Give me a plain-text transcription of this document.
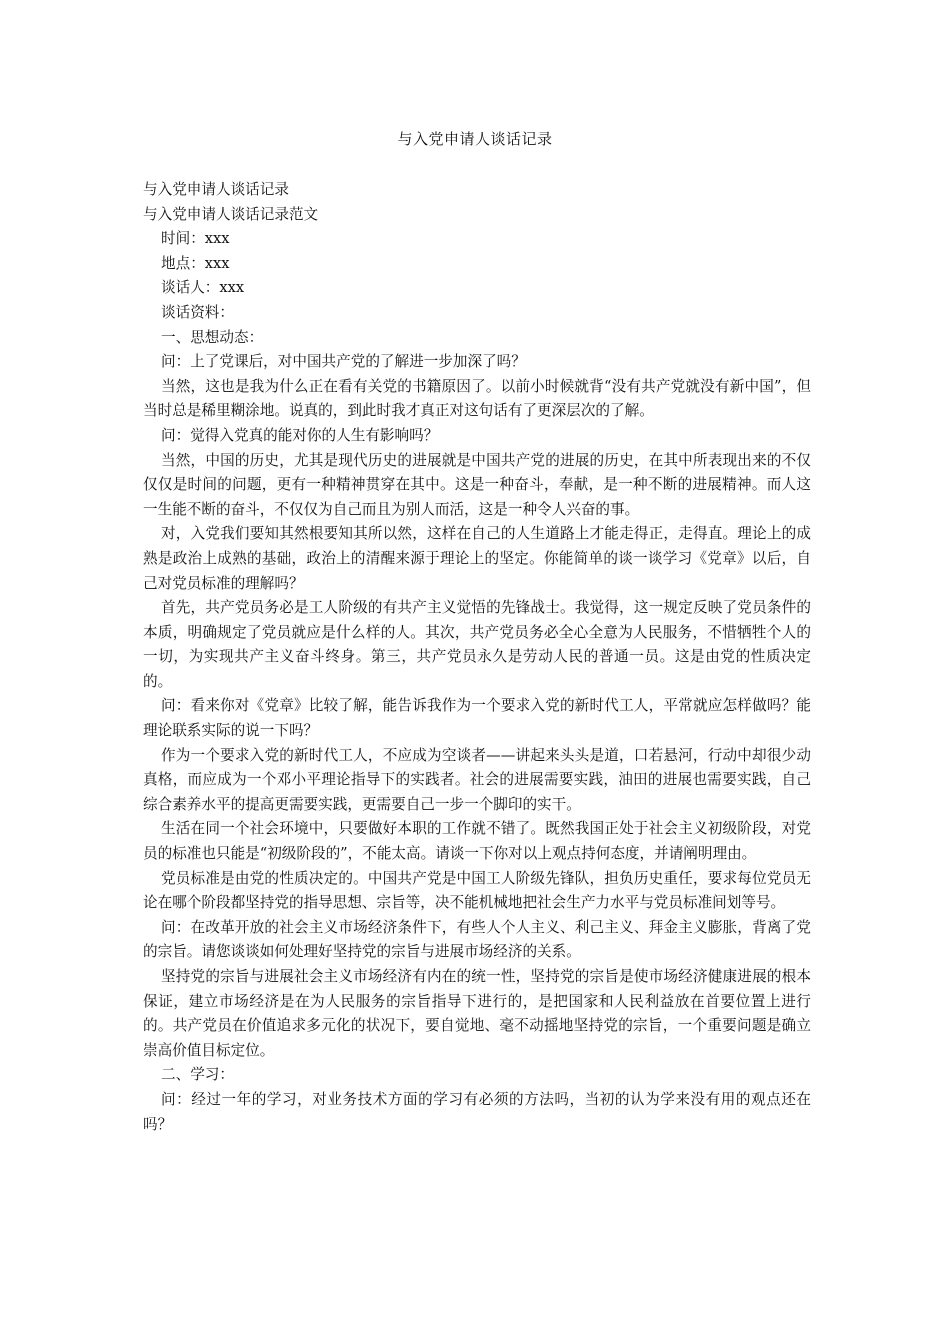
与入党申请人谈话记录

与入党申请人谈话记录

与入党申请人谈话记录范文

时间：xxx

地点：xxx

谈话人：xxx

谈话资料：

一、思想动态：

问：上了党课后，对中国共产党的了解进一步加深了吗？

当然，这也是我为什么正在看有关党的书籍原因了。以前小时候就背“没有共产党就没有新中国”，但当时总是稀里糊涂地。说真的，到此时我才真正对这句话有了更深层次的了解。

问：觉得入党真的能对你的人生有影响吗？

当然，中国的历史，尤其是现代历史的进展就是中国共产党的进展的历史，在其中所表现出来的不仅仅仅是时间的问题，更有一种精神贯穿在其中。这是一种奋斗，奉献，是一种不断的进展精神。而人这一生能不断的奋斗，不仅仅为自己而且为别人而活，这是一种令人兴奋的事。

对，入党我们要知其然根要知其所以然，这样在自己的人生道路上才能走得正，走得直。理论上的成熟是政治上成熟的基础，政治上的清醒来源于理论上的坚定。你能简单的谈一谈学习《党章》以后，自己对党员标准的理解吗？

首先，共产党员务必是工人阶级的有共产主义觉悟的先锋战士。我觉得，这一规定反映了党员条件的本质，明确规定了党员就应是什么样的人。其次，共产党员务必全心全意为人民服务，不惜牺牲个人的一切，为实现共产主义奋斗终身。第三，共产党员永久是劳动人民的普通一员。这是由党的性质决定的。

问：看来你对《党章》比较了解，能告诉我作为一个要求入党的新时代工人，平常就应怎样做吗？能理论联系实际的说一下吗？

作为一个要求入党的新时代工人，不应成为空谈者——讲起来头头是道，口若悬河，行动中却很少动真格，而应成为一个邓小平理论指导下的实践者。社会的进展需要实践，油田的进展也需要实践，自己综合素养水平的提高更需要实践，更需要自己一步一个脚印的实干。

生活在同一个社会环境中，只要做好本职的工作就不错了。既然我国正处于社会主义初级阶段，对党员的标准也只能是“初级阶段的”，不能太高。请谈一下你对以上观点持何态度，并请阐明理由。

党员标准是由党的性质决定的。中国共产党是中国工人阶级先锋队，担负历史重任，要求每位党员无论在哪个阶段都坚持党的指导思想、宗旨等，决不能机械地把社会生产力水平与党员标准间划等号。

问：在改革开放的社会主义市场经济条件下，有些人个人主义、利己主义、拜金主义膨胀，背离了党的宗旨。请您谈谈如何处理好坚持党的宗旨与进展市场经济的关系。

坚持党的宗旨与进展社会主义市场经济有内在的统一性，坚持党的宗旨是使市场经济健康进展的根本保证，建立市场经济是在为人民服务的宗旨指导下进行的，是把国家和人民利益放在首要位置上进行的。共产党员在价值追求多元化的状况下，要自觉地、毫不动摇地坚持党的宗旨，一个重要问题是确立崇高价值目标定位。

二、学习：

问：经过一年的学习，对业务技术方面的学习有必须的方法吗，当初的认为学来没有用的观点还在吗？
